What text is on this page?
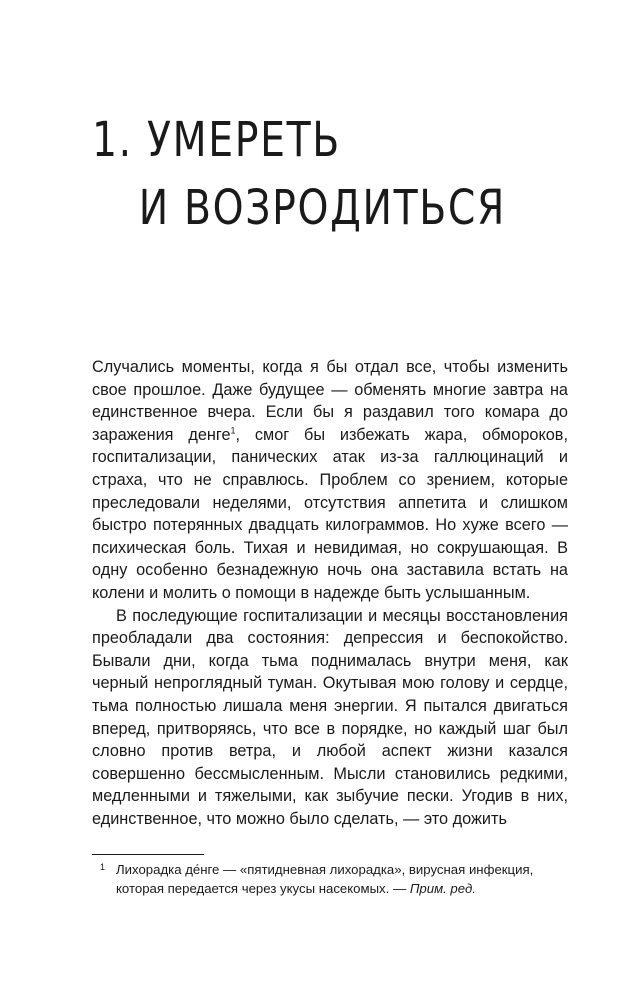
1. УМЕРЕТЬ
И ВОЗРОДИТЬСЯ

Случались моменты, когда я бы отдал все, чтобы изменить свое прошлое. Даже будущее — обменять многие завтра на единственное вчера. Если бы я раздавил того комара до заражения денге$^1$, смог бы избежать жара, обмороков, госпитализации, панических атак из-за галлюцинаций и страха, что не справлюсь. Проблем со зрением, которые преследовали неделями, отсутствия аппетита и слишком быстро потерянных двадцать килограммов. Но хуже всего — психическая боль. Тихая и невидимая, но сокрушающая. В одну особенно безнадежную ночь она заставила встать на колени и молить о помощи в надежде быть услышанным.

В последующие госпитализации и месяцы восстановления преобладали два состояния: депрессия и беспокойство. Бывали дни, когда тьма поднималась внутри меня, как черный непроглядный туман. Окутывая мою голову и сердце, тьма полностью лишала меня энергии. Я пытался двигаться вперед, притворяясь, что все в порядке, но каждый шаг был словно против ветра, и любой аспект жизни казался совершенно бессмысленным. Мысли становились редкими, медленными и тяжелыми, как зыбучие пески. Угодив в них, единственное, что можно было сделать, — это дожить

1 Лихорадка де́нге — «пятидневная лихорадка», вирусная инфекция, которая передается через укусы насекомых. — Прим. ред.
